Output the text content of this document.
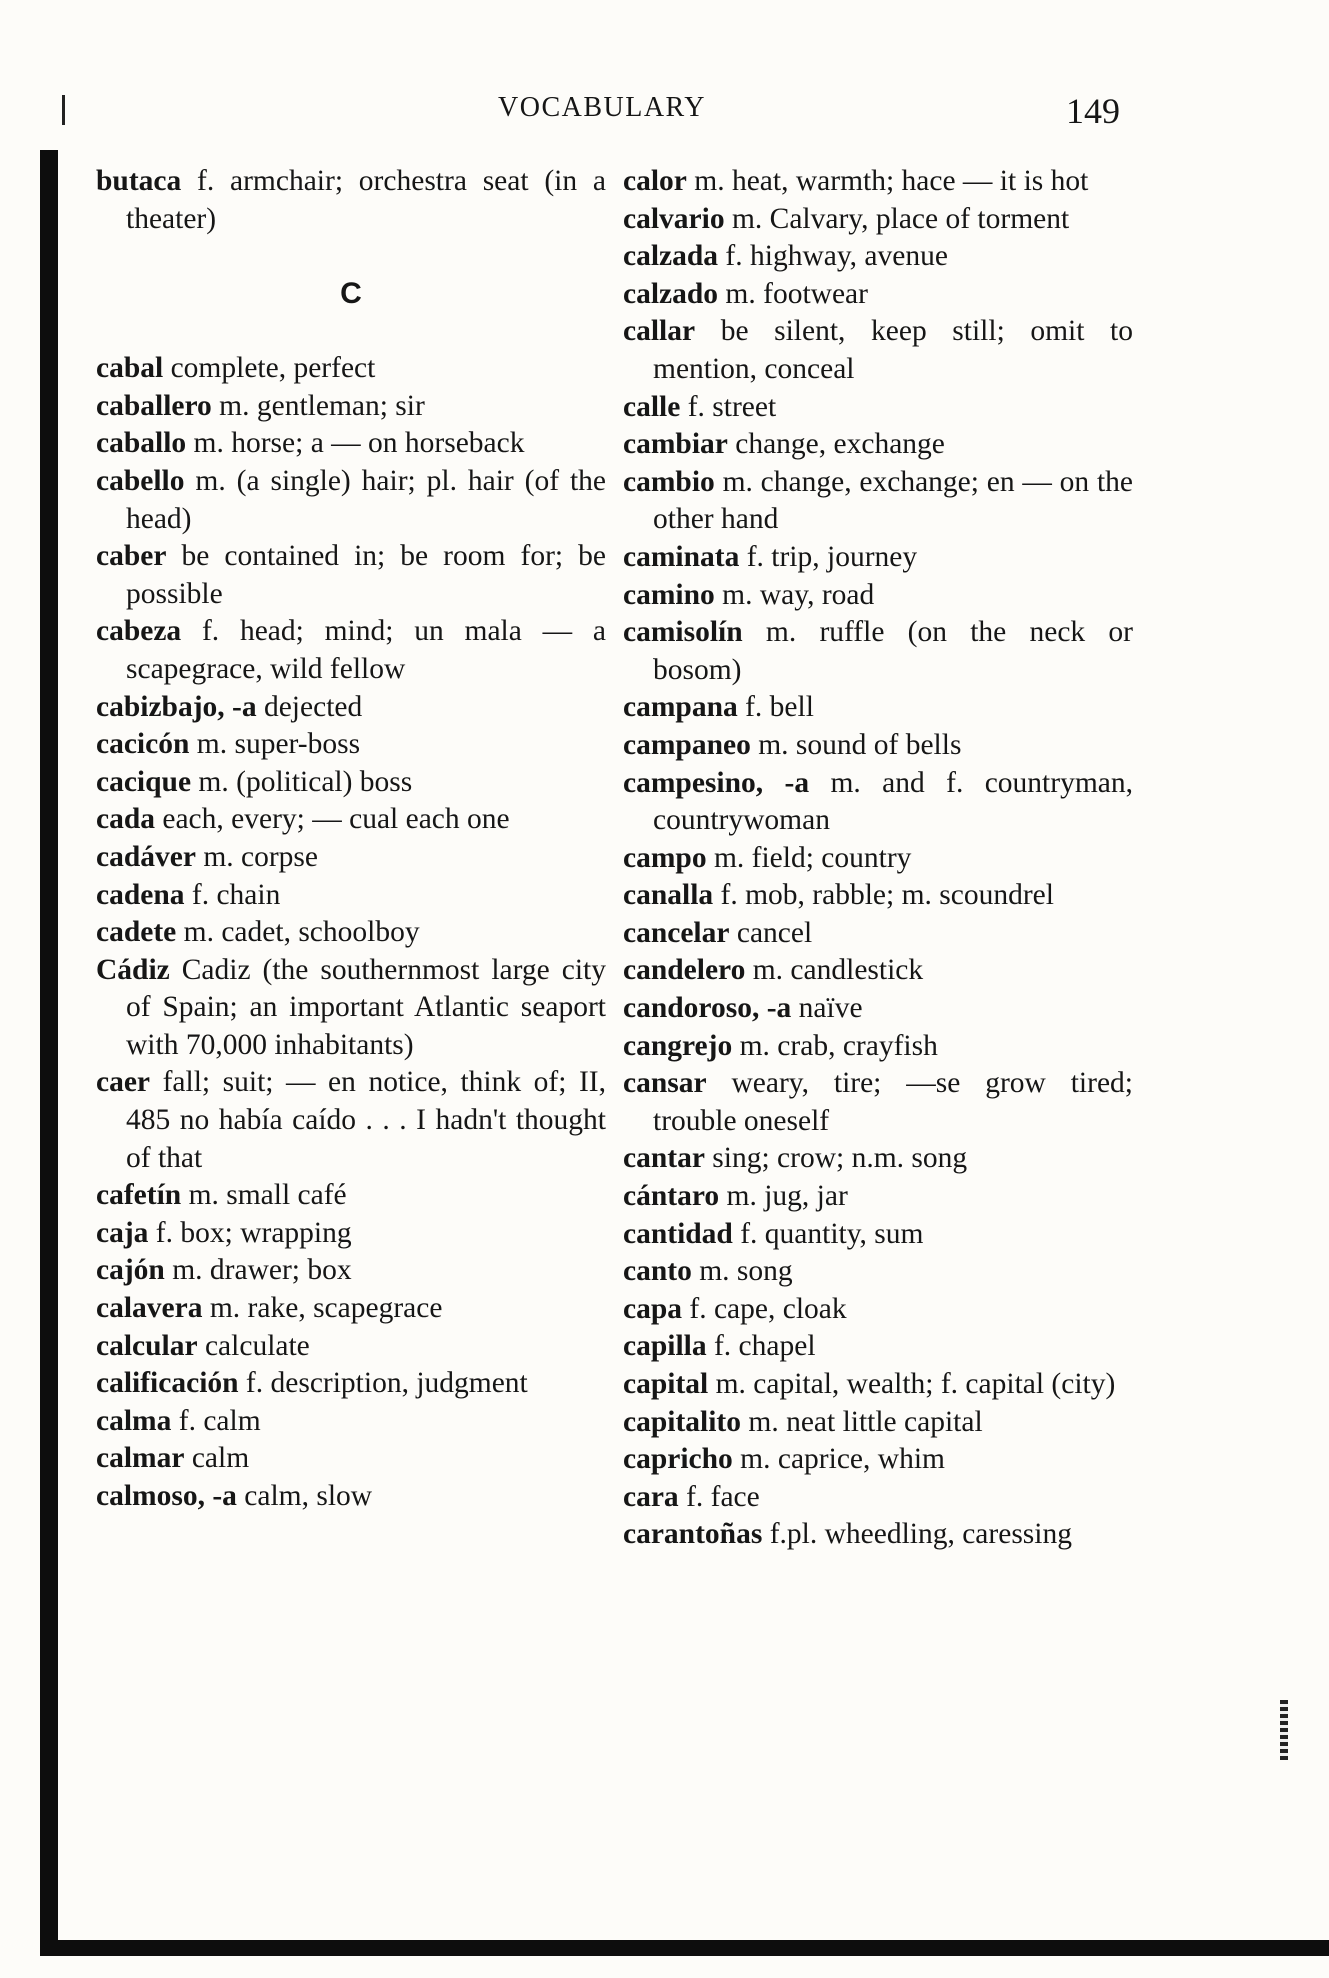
VOCABULARY	149

butaca f. armchair; orchestra seat (in a theater)

C

cabal complete, perfect

caballero m. gentleman; sir

caballo m. horse; a — on horseback

cabello m. (a single) hair; pl. hair (of the head)

caber be contained in; be room for; be possible

cabeza f. head; mind; un mala — a scapegrace, wild fellow

cabizbajo, -a dejected

cacicón m. super-boss

cacique m. (political) boss

cada each, every; — cual each one

cadáver m. corpse

cadena f. chain

cadete m. cadet, schoolboy

Cádiz Cadiz (the southernmost large city of Spain; an important Atlantic seaport with 70,000 inhabitants)

caer fall; suit; — en notice, think of; II, 485 no había caído . . . I hadn't thought of that

cafetín m. small café

caja f. box; wrapping

cajón m. drawer; box

calavera m. rake, scapegrace

calcular calculate

calificación f. description, judgment

calma f. calm

calmar calm

calmoso, -a calm, slow

calor m. heat, warmth; hace — it is hot

calvario m. Calvary, place of torment

calzada f. highway, avenue

calzado m. footwear

callar be silent, keep still; omit to mention, conceal

calle f. street

cambiar change, exchange

cambio m. change, exchange; en — on the other hand

caminata f. trip, journey

camino m. way, road

camisolín m. ruffle (on the neck or bosom)

campana f. bell

campaneo m. sound of bells

campesino, -a m. and f. countryman, countrywoman

campo m. field; country

canalla f. mob, rabble; m. scoundrel

cancelar cancel

candelero m. candlestick

candoroso, -a naïve

cangrejo m. crab, crayfish

cansar weary, tire; —se grow tired; trouble oneself

cantar sing; crow; n.m. song

cántaro m. jug, jar

cantidad f. quantity, sum

canto m. song

capa f. cape, cloak

capilla f. chapel

capital m. capital, wealth; f. capital (city)

capitalito m. neat little capital

capricho m. caprice, whim

cara f. face

carantoñas f.pl. wheedling, caressing
